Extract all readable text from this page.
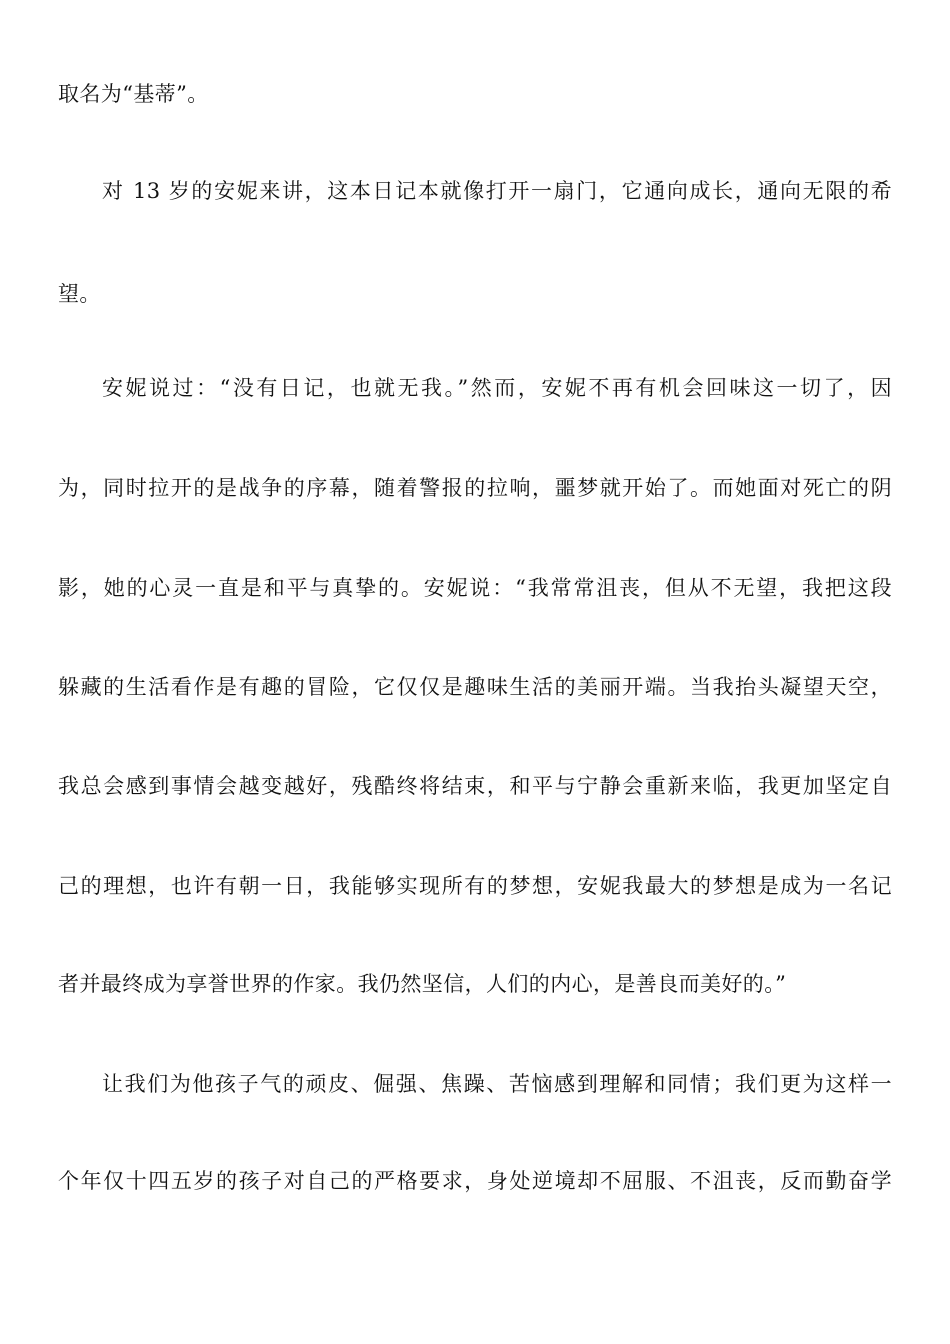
取名为“基蒂”。
对 13 岁的安妮来讲，这本日记本就像打开一扇门，它通向成长，通向无限的希
望。
安妮说过：“没有日记，也就无我。”然而，安妮不再有机会回味这一切了，因
为，同时拉开的是战争的序幕，随着警报的拉响，噩梦就开始了。而她面对死亡的阴
影，她的心灵一直是和平与真挚的。安妮说：“我常常沮丧，但从不无望，我把这段
躲藏的生活看作是有趣的冒险，它仅仅是趣味生活的美丽开端。当我抬头凝望天空，
我总会感到事情会越变越好，残酷终将结束，和平与宁静会重新来临，我更加坚定自
己的理想，也许有朝一日，我能够实现所有的梦想，安妮我最大的梦想是成为一名记
者并最终成为享誉世界的作家。我仍然坚信，人们的内心，是善良而美好的。”
让我们为他孩子气的顽皮、倔强、焦躁、苦恼感到理解和同情；我们更为这样一
个年仅十四五岁的孩子对自己的严格要求，身处逆境却不屈服、不沮丧，反而勤奋学
